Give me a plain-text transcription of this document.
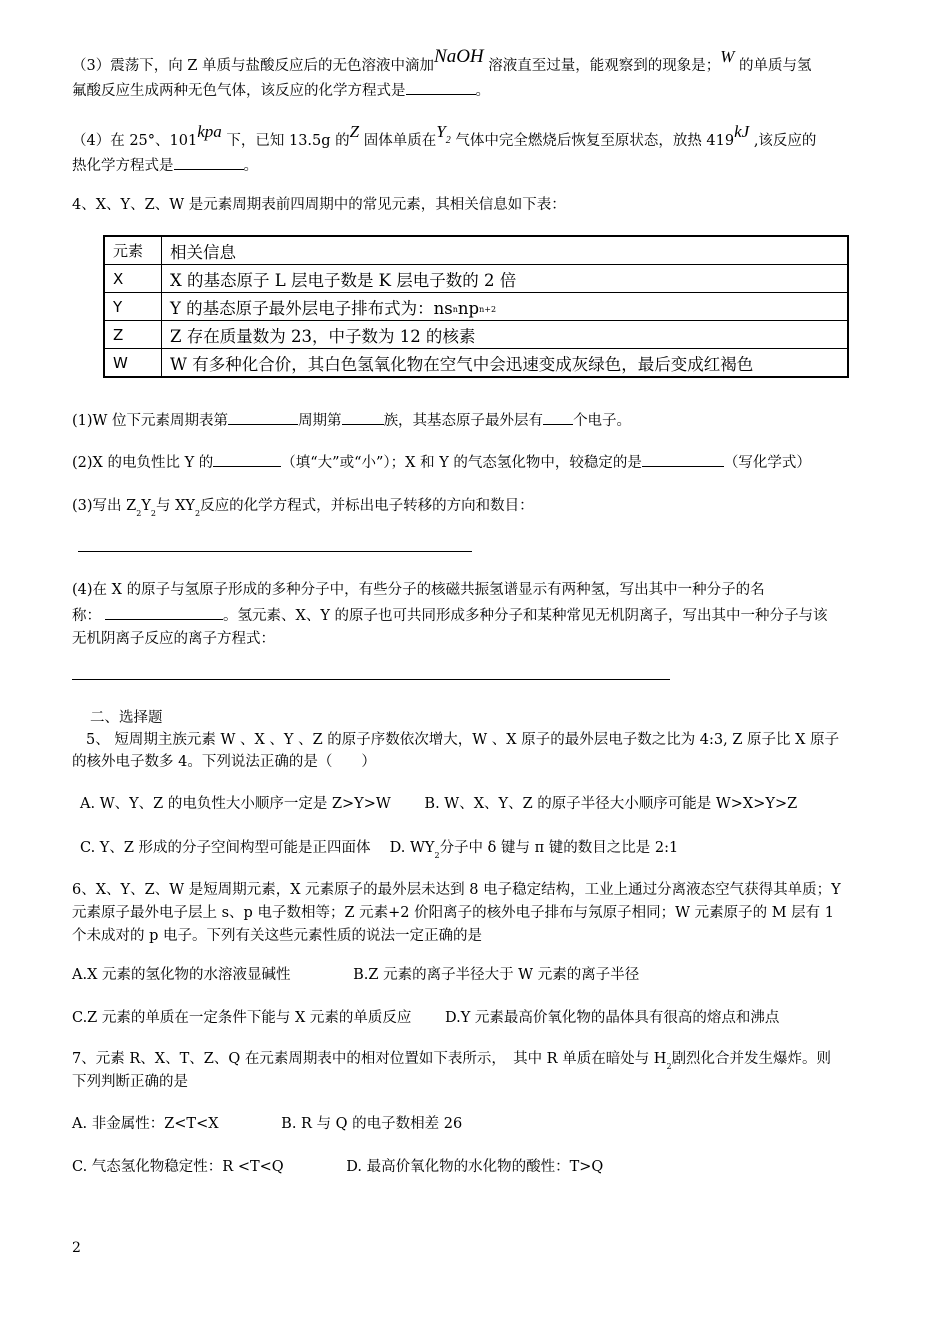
（3）震荡下，向 Z 单质与盐酸反应后的无色溶液中滴加NaOH 溶液直至过量，能观察到的现象是；W 的单质与氢
氟酸反应生成两种无色气体，该反应的化学方程式是	。
（4）在 25°、101kpa 下，已知 13.5g 的Z 固体单质在$Y_2$ 气体中完全燃烧后恢复至原状态，放热 419kJ ,该反应的
热化学方程式是	。
4、X、Y、Z、W 是元素周期表前四周期中的常见元素，其相关信息如下表：
元素	相关信息
X	X 的基态原子 L 层电子数是 K 层电子数的 2 倍
Y	Y 的基态原子最外层电子排布式为：nsnnpn+2
Z	Z 存在质量数为 23，中子数为 12 的核素
W	W 有多种化合价，其白色氢氧化物在空气中会迅速变成灰绿色，最后变成红褐色
(1)W 位下元素周期表第	周期第	族，其基态原子最外层有 个电子。
(2)X 的电负性比 Y 的	（填“大”或“小”）；X 和 Y 的气态氢化物中，较稳定的是	（写化学式）
(3)写出 $Z_2Y_2$与 $XY_2$反应的化学方程式，并标出电子转移的方向和数目：
(4)在 X 的原子与氢原子形成的多种分子中，有些分子的核磁共振氢谱显示有两种氢，写出其中一种分子的名
称：	。氢元素、X、Y 的原子也可共同形成多种分子和某种常见无机阴离子，写出其中一种分子与该
无机阴离子反应的离子方程式：
二、选择题
5、 短周期主族元素 W 、X 、Y 、Z 的原子序数依次增大，W 、X 原子的最外层电子数之比为 4:3, Z 原子比 X 原子
的核外电子数多 4。下列说法正确的是（　　）
A. W、Y、Z 的电负性大小顺序一定是 Z>Y>W　　 B. W、X、Y、Z 的原子半径大小顺序可能是 W>X>Y>Z
C. Y、Z 形成的分子空间构型可能是正四面体　 D. $WY_2$分子中 δ 键与 π 键的数目之比是 2:1
6、X、Y、Z、W 是短周期元素，X 元素原子的最外层未达到 8 电子稳定结构，工业上通过分离液态空气获得其单质；Y
元素原子最外电子层上 s、p 电子数相等；Z 元素+2 价阳离子的核外电子排布与氖原子相同；W 元素原子的 M 层有 1
个未成对的 p 电子。下列有关这些元素性质的说法一定正确的是
A.X 元素的氢化物的水溶液显碱性　　　　 B.Z 元素的离子半径大于 W 元素的离子半径
C.Z 元素的单质在一定条件下能与 X 元素的单质反应　　 D.Y 元素最高价氧化物的晶体具有很高的熔点和沸点
7、元素 R、X、T、Z、Q 在元素周期表中的相对位置如下表所示，　其中 R 单质在暗处与 $H_2$剧烈化合并发生爆炸。则
下列判断正确的是
A. 非金属性：Z<T<X　　　　 B. R 与 Q 的电子数相差 26
C. 气态氢化物稳定性：R <T<Q　　　　 D. 最高价氧化物的水化物的酸性：T>Q
2
